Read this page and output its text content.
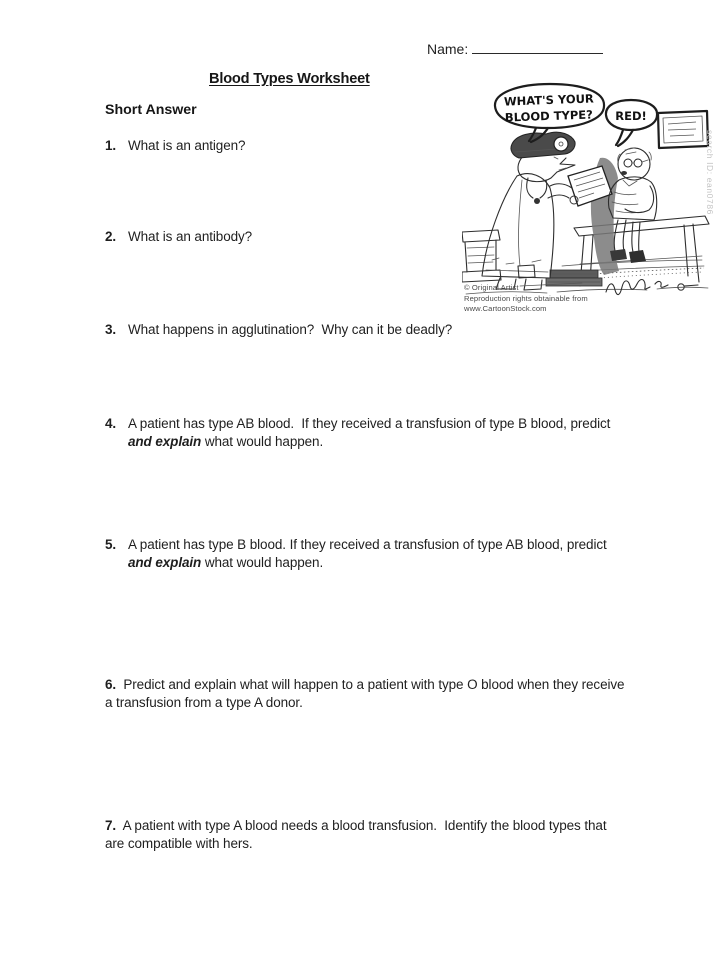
Name:
Blood Types Worksheet
Short Answer
1. What is an antigen?
2. What is an antibody?
3. What happens in agglutination?  Why can it be deadly?
4. A patient has type AB blood.  If they received a transfusion of type B blood, predict
and explain what would happen.
5. A patient has type B blood. If they received a transfusion of type AB blood, predict
and explain what would happen.
6. Predict and explain what will happen to a patient with type O blood when they receive
a transfusion from a type A donor.
7. A patient with type A blood needs a blood transfusion.  Identify the blood types that
are compatible with hers.
WHAT'S YOUR
BLOOD TYPE? RED!
© Original Artist
Reproduction rights obtainable from
www.CartoonStock.com
search ID: ean0786
